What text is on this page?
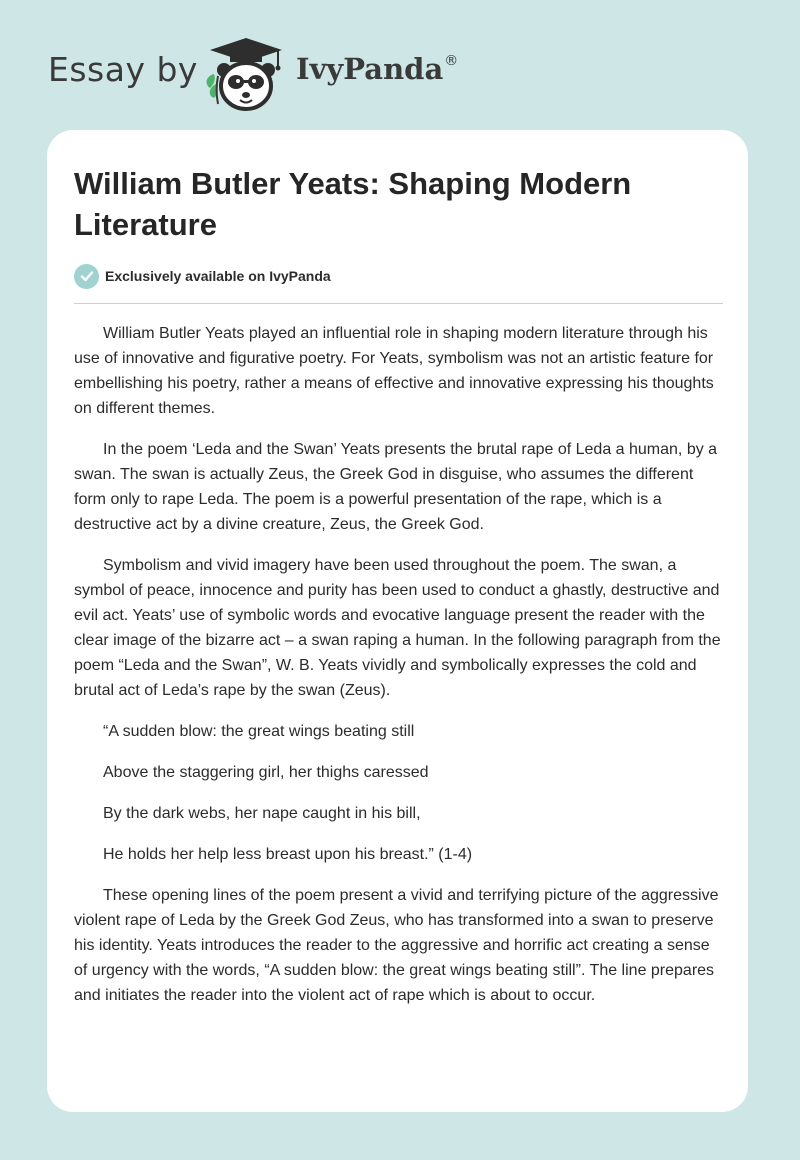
Essay by	IvyPanda®
William Butler Yeats: Shaping Modern Literature
Exclusively available on IvyPanda

William Butler Yeats played an influential role in shaping modern literature through his use of innovative and figurative poetry. For Yeats, symbolism was not an artistic feature for embellishing his poetry, rather a means of effective and innovative expressing his thoughts on different themes.

In the poem ‘Leda and the Swan’ Yeats presents the brutal rape of Leda a human, by a swan. The swan is actually Zeus, the Greek God in disguise, who assumes the different form only to rape Leda. The poem is a powerful presentation of the rape, which is a destructive act by a divine creature, Zeus, the Greek God.

Symbolism and vivid imagery have been used throughout the poem. The swan, a symbol of peace, innocence and purity has been used to conduct a ghastly, destructive and evil act. Yeats’ use of symbolic words and evocative language present the reader with the clear image of the bizarre act – a swan raping a human. In the following paragraph from the poem “Leda and the Swan”, W. B. Yeats vividly and symbolically expresses the cold and brutal act of Leda’s rape by the swan (Zeus).

“A sudden blow: the great wings beating still

Above the staggering girl, her thighs caressed

By the dark webs, her nape caught in his bill,

He holds her help less breast upon his breast.” (1-4)

These opening lines of the poem present a vivid and terrifying picture of the aggressive violent rape of Leda by the Greek God Zeus, who has transformed into a swan to preserve his identity. Yeats introduces the reader to the aggressive and horrific act creating a sense of urgency with the words, “A sudden blow: the great wings beating still”. The line prepares and initiates the reader into the violent act of rape which is about to occur.
